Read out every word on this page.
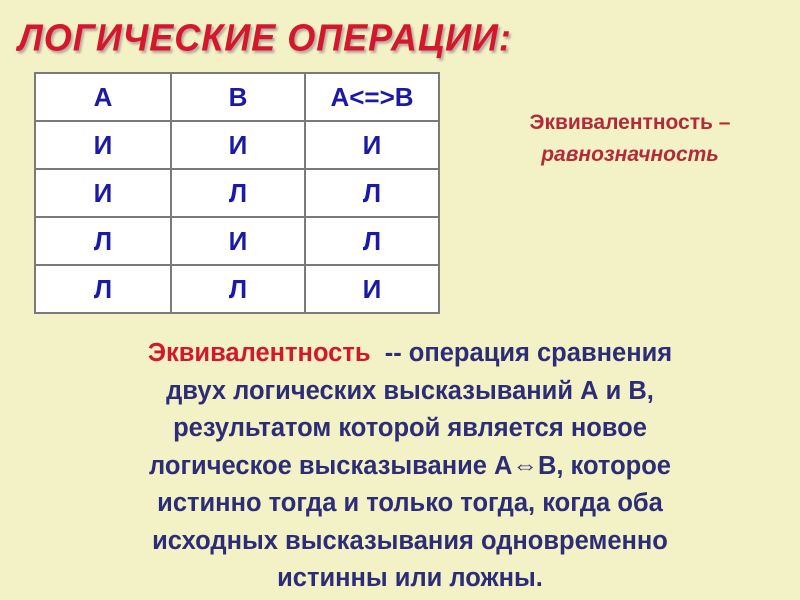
ЛОГИЧЕСКИЕ ОПЕРАЦИИ:
A	B	A<=>B
И	И	И
И	Л	Л
Л	И	Л
Л	Л	И
Эквивалентность –
равнозначность
Эквивалентность  -- операция сравнения
двух логических высказываний А и В,
результатом которой является новое
логическое высказывание А⇔В, которое
истинно тогда и только тогда, когда оба
исходных высказывания одновременно
истинны или ложны.
